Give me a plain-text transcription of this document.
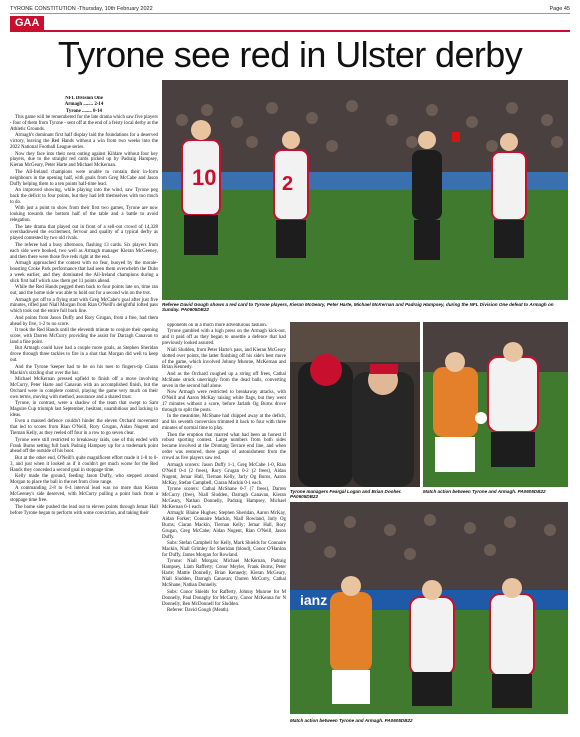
TYRONE CONSTITUTION -Thursday, 10th February 2022	Page 45
GAA
Tyrone see red in Ulster derby
10	2
Referee David Gough shows a red card to Tyrone players, Kieran McGeary, Peter Harte, Michael McKernan and Padraig Hampsey, during the NFL Division One defeat to Armagh on Sunday. PA0605DB22
Tyrone managers Feargal Logan and Brian Dooher. PA0605DB22
Match action between Tyrone and Armagh. PA0605DB22
ianz
Match action between Tyrone and Armagh. PA0605DB22

NFL Division One

Armagh ........ 2-14

Tyrone ........ 0-14

This game will be remembered for the late drama which saw five players - four of them from Tyrone - sent off at the end of a feisty local derby at the Athletic Grounds.

Armagh's dominant first half display laid the foundations for a deserved victory, leaving the Red Hands without a win from two weeks into the 2022 National Football League series.

Now they face into their next outing against Kildare without four key players, due to the straight red cards picked up by Padraig Hampsey, Kieran McGeary, Peter Harte and Michael McKernan.

The All-Ireland champions were unable to contain their in-form neighbours in the opening half, with goals from Greg McCabe and Jason Duffy helping them to a ten points half-time lead.

An improved showing, while playing into the wind, saw Tyrone peg back the deficit to four points, but they had left themselves with too much to do.

With just a point to show from their first two games, Tyrone are now looking towards the bottom half of the table and a battle to avoid relegation.

The late drama that played out in front of a sell-out crowd of 14,328 overshadowed the excitement, fervour and quality of a typical derby as played contested by two old rivals.

The referee had a busy afternoon, flashing 13 cards. Six players from each side were booked, two well as Armagh manager Kieran McGeeney, and then there were those five reds right at the end.

Armagh approached the contest with no fear, buoyed by the morale-boosting Croke Park performance that had seen them overwhelm the Dubs a week earlier, and they dominated the All-Ireland champions during a slick first half which saw them get 11 points ahead.

While the Red Hands pegged them back to four points late on, time ran out, and the home side was able to hold out for a second win on the trot.

Armagh got off to a flying start with Greg McCabe's goal after just five minutes, rifled past Niall Morgan from Rian O'Neill's delightful lofted pass which took out the entire full back line.

And points from Jason Duffy and Rory Grugan, from a free, had them ahead by five, 1-2 to no score.

It took the Red Hands until the eleventh minute to conjure their opening score, with Darren McCurry providing the assist for Darragh Canavan to land a fine point.

But Armagh could have had a couple more goals, as Stephen Sheridan drove through three tackles to fire in a shot that Morgan did well to keep out.

And the Tyrone 'keeper had to be on his toes to fingers-tip Ciaran Mackin's sizzling shot over the bar.

Michael McKernan pressed upfield to finish off a move involving McCurry, Peter Harte and Canavan with an accomplished finish, but the Orchard were in complete control, playing the game very much on their own terms, moving with method, assurance and a shared trust.

Tyrone, in contrast, were a shadow of the team that swept to Sam Maguire Cup triumph last September, hesitant, unambitious and lacking in ideas.

Even a massed defence couldn't hinder the eleven Orchard movement that led to scores from Rian O'Neill, Rory Grugan, Aidan Nugent and Tiernan Kelly, as they reeled off four in a row to go seven clear.

Tyrone were still restricted to breakaway raids, one of this ended with Frank Burns setting full back Padraig Hampsey up for a trademark point ahead off the outside of his boot.

But at the other end, O'Neill's quite magnificent effort made it 1-8 to 0-3, and just when it looked as if it couldn't get much worse for the Red Hands they conceded a second goal in stoppage time.

Kelly made the ground, feeding Jason Duffy, who stepped around Morgan to place the ball in the net from close range.

A commanding 2-8 to 0-4 interval lead was no more than Kieran McGeeney's side deserved, with McCurry pulling a point back from a stoppage time free.

The home side pushed the lead out to eleven points through Jemar Hall before Tyrone began to perform with some conviction, and taking their

opponents on in a much more adventurous fashion.

Tyrone gambled with a high press on the Armagh kick-out, and it paid off as they began to unsettle a defence that had previously looked assured.

Niall Sludden, from Peter Harte's pass, and Kieran McGeary slotted over points, the latter finishing off his side's best move of the game, which involved Johnny Munroe, McKernan and Brian Kennedy.

And as the Orchard coughed up a string off frees, Cathal McShane struck unerringly from the dead balls, converting seven in the second half alone.

Now Armagh were restricted to breakaway attacks, with O'Neill and Aaron McKay raising white flags, but they went 17 minutes without a score, before Jarlath Og Burns drove through to split the posts.

In the meantime, McShane had chipped away at the deficit, and his seventh conversion trimmed it back to four with three minutes of normal time to play.

Then the eruption that marred what had been an honest if robust sporting contest. Large numbers from both sides became involved at the Drumarg Terrace end line, and when order was restored, there gasps of astonishment from the crowd as five players saw red.

Armagh scorers: Jason Duffy 1-1, Greg McCabe 1-0, Rian O'Neill 0-4 (2 frees), Rory Grugan 0-2 (2 frees), Aidan Nugent, Jemar Hall, Tiernan Kelly, Jarly Og Burns, Aaron McKay, Stefan Campbell, Ciaran Mackin 0-1 each.

Tyrone scorers: Cathal McShane 0-7 (7 frees), Darren McCurry (free), Niall Sludden, Darragh Canavan, Kieran McGeary, Nathan Donnelly, Padraig Hampsey, Michael McKernan 0-1 each.

Armagh: Blaine Hughes; Stephen Sheridan, Aaron McKay, Aidan Forker; Connaire Mackin, Niall Rowland, Jarly Og Burns; Ciaran Mackin, Tiernan Kelly; Jemar Hall, Rory Grugan, Greg McCabe; Aidan Nugent, Rian O'Neill, Jason Duffy.

Subs: Stefan Campbell for Kelly, Mark Shields for Connaire Mackin, Niall Grimley for Sheridan (blood), Conor O'Hanlon for Duffy, James Morgan for Rowland.

Tyrone: Niall Morgan; Michael McKernan, Padraig Hampsey, Liam Rafferty; Conor Meyler, Frank Burns, Peter Harte; Mattie Donnelly, Brian Kennedy; Kieran McGeary, Niall Sludden, Darragh Canavan; Darren McCurry, Cathal McShane, Nathan Donnelly.

Subs: Conor Shields for Rafferty, Johnny Munroe for M Donnelly, Paul Donaghy for McCurry, Conor McKenna for N Donnelly, Ben McDonnell for Sludden.

Referee: David Gough (Meath).
